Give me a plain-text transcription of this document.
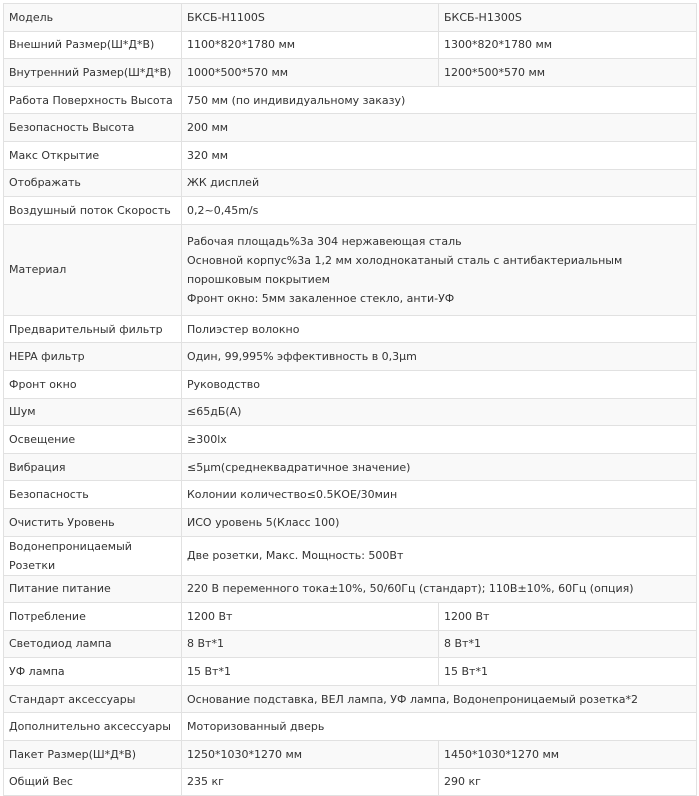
Модель	БКСБ-Н1100S	БКСБ-Н1300S
Внешний Размер(Ш*Д*В)	1100*820*1780 мм	1300*820*1780 мм
Внутренний Размер(Ш*Д*В)	1000*500*570 мм	1200*500*570 мм
Работа Поверхность Высота	750 мм (по индивидуальному заказу)	
Безопасность Высота	200 мм	
Макс Открытие	320 мм	
Отображать	ЖК дисплей	
Воздушный поток Скорость	0,2~0,45m/s	
Материал	Рабочая площадь%3а 304 нержавеющая сталь
Основной корпус%3а 1,2 мм холоднокатаный сталь с антибактериальным порошковым покрытием
Фронт окно: 5мм закаленное стекло, анти-УФ	

Предварительный фильтр	Полиэстер волокно	
HEPA фильтр	Один, 99,995% эффективность в 0,3μm	
Фронт окно	Руководство	
Шум	≤65дБ(A)	
Освещение	≥300lx	
Вибрация	≤5μm(среднеквадратичное значение)	
Безопасность	Колонии количество≤0.5КОЕ/30мин	
Очистить Уровень	ИСО уровень 5(Класс 100)	
Водонепроницаемый Розетки	Две розетки, Макс. Мощность: 500Вт	
Питание питание	220 В переменного тока±10%, 50/60Гц (стандарт); 110В±10%, 60Гц (опция)	
Потребление	1200 Вт	1200 Вт
Светодиод лампа	8 Вт*1	8 Вт*1
УФ лампа	15 Вт*1	15 Вт*1
Стандарт аксессуары	Основание подставка, ВЕЛ лампа, УФ лампа, Водонепроницаемый розетка*2	
Дополнительно аксессуары	Моторизованный дверь	
Пакет Размер(Ш*Д*В)	1250*1030*1270 мм	1450*1030*1270 мм
Общий Вес	235 кг	290 кг
